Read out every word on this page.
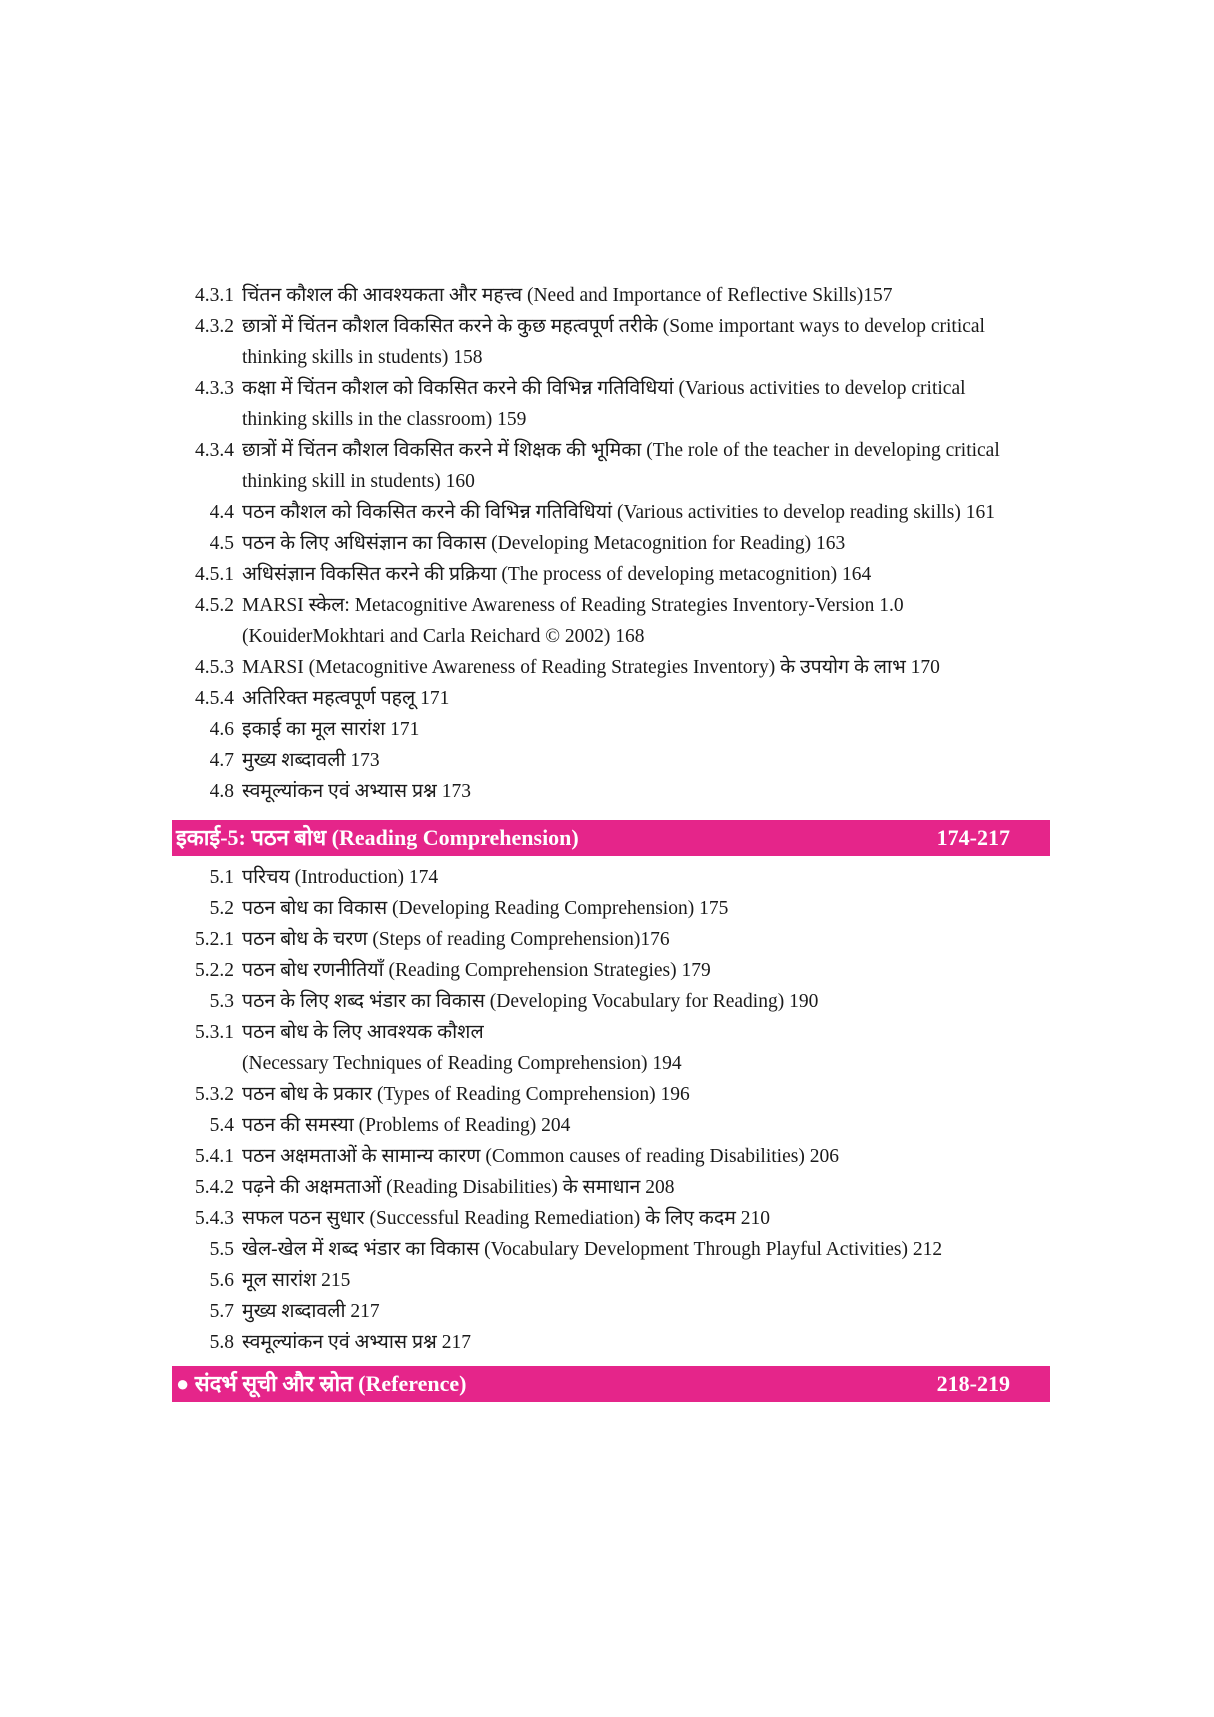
4.3.1 चिंतन कौशल की आवश्यकता और महत्त्व (Need and Importance of Reflective Skills)157
4.3.2 छात्रों में चिंतन कौशल विकसित करने के कुछ महत्वपूर्ण तरीके (Some important ways to develop critical
thinking skills in students) 158
4.3.3 कक्षा में चिंतन कौशल को विकसित करने की विभिन्न गतिविधियां (Various activities to develop critical
thinking skills in the classroom) 159
4.3.4 छात्रों में चिंतन कौशल विकसित करने में शिक्षक की भूमिका (The role of the teacher in developing critical
thinking skill in students) 160
4.4 पठन कौशल को विकसित करने की विभिन्न गतिविधियां (Various activities to develop reading skills) 161
4.5 पठन के लिए अधिसंज्ञान का विकास (Developing Metacognition for Reading) 163
4.5.1 अधिसंज्ञान विकसित करने की प्रक्रिया (The process of developing metacognition) 164
4.5.2 MARSI स्केल: Metacognitive Awareness of Reading Strategies Inventory-Version 1.0
(KouiderMokhtari and Carla Reichard © 2002) 168
4.5.3 MARSI (Metacognitive Awareness of Reading Strategies Inventory) के उपयोग के लाभ 170
4.5.4 अतिरिक्त महत्वपूर्ण पहलू 171
4.6 इकाई का मूल सारांश 171
4.7 मुख्य शब्दावली 173
4.8 स्वमूल्यांकन एवं अभ्यास प्रश्न 173
इकाई-5: पठन बोध (Reading Comprehension)	174-217
5.1 परिचय (Introduction) 174
5.2 पठन बोध का विकास (Developing Reading Comprehension) 175
5.2.1 पठन बोध के चरण (Steps of reading Comprehension)176
5.2.2 पठन बोध रणनीतियाँ (Reading Comprehension Strategies) 179
5.3 पठन के लिए शब्द भंडार का विकास (Developing Vocabulary for Reading) 190
5.3.1 पठन बोध के लिए आवश्यक कौशल
(Necessary Techniques of Reading Comprehension) 194
5.3.2 पठन बोध के प्रकार (Types of Reading Comprehension) 196
5.4 पठन की समस्या (Problems of Reading) 204
5.4.1 पठन अक्षमताओं के सामान्य कारण (Common causes of reading Disabilities) 206
5.4.2 पढ़ने की अक्षमताओं (Reading Disabilities) के समाधान 208
5.4.3 सफल पठन सुधार (Successful Reading Remediation) के लिए कदम 210
5.5 खेल-खेल में शब्द भंडार का विकास (Vocabulary Development Through Playful Activities) 212
5.6 मूल सारांश 215
5.7 मुख्य शब्दावली 217
5.8 स्वमूल्यांकन एवं अभ्यास प्रश्न 217
● संदर्भ सूची और स्रोत (Reference)	218-219
